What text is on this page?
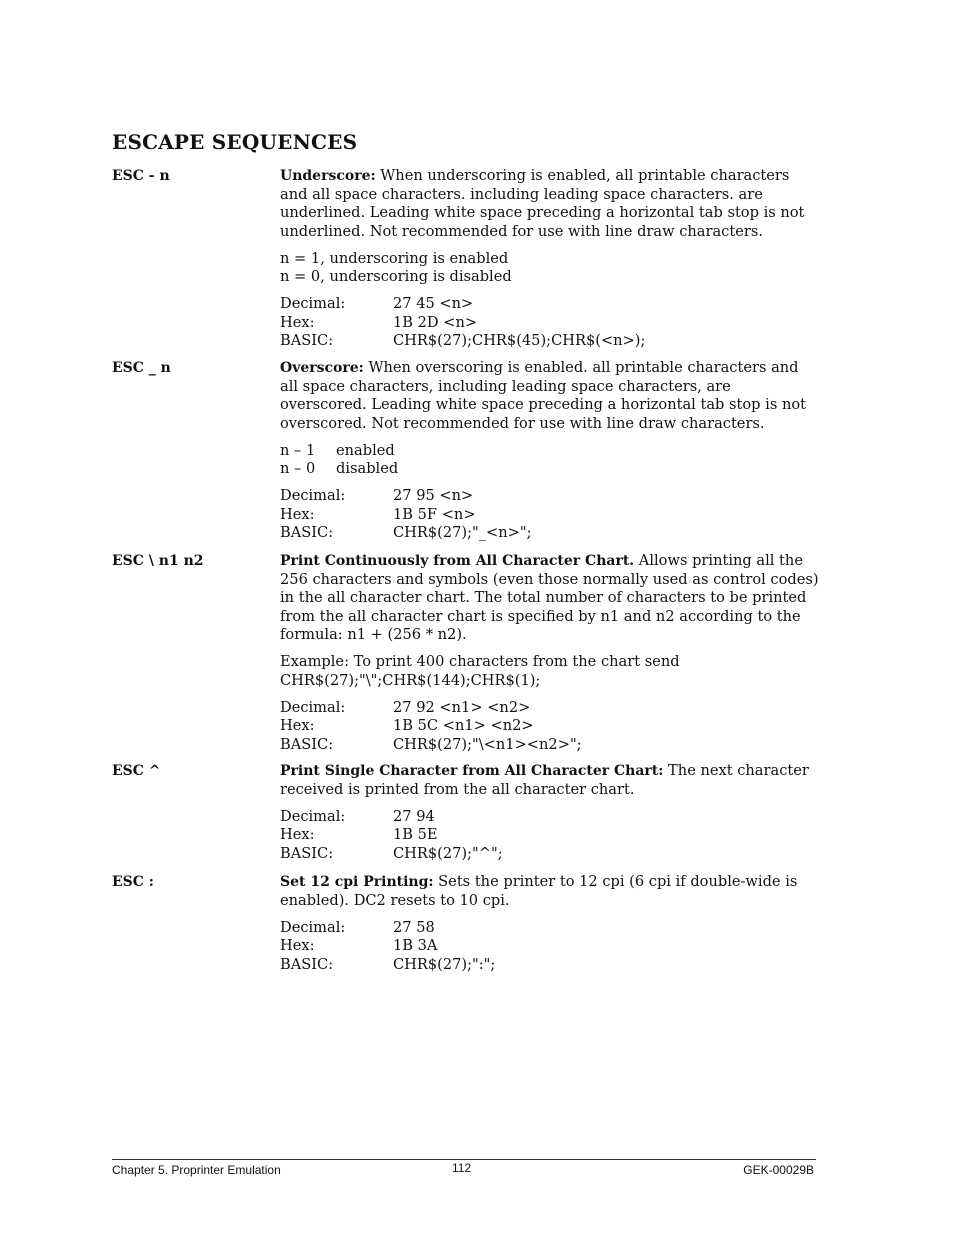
ESCAPE SEQUENCES
ESC - n	Underscore: When underscoring is enabled, all printable characters and all space characters. including leading space characters. are underlined. Leading white space preceding a horizontal tab stop is not underlined. Not recommended for use with line draw characters.

n = 1, underscoring is enabled
n = 0, underscoring is disabled

Decimal:	27 45 <n>
Hex:	1B 2D <n>
BASIC:	CHR$(27);CHR$(45);CHR$(<n>);
ESC _ n	Overscore: When overscoring is enabled. all printable characters and all space characters, including leading space characters, are overscored. Leading white space preceding a horizontal tab stop is not overscored. Not recommended for use with line draw characters.

n – 1	enabled
n – 0	disabled
Decimal:	27 95 <n>
Hex:	1B 5F <n>
BASIC:	CHR$(27);"_<n>";
ESC \ n1 n2	Print Continuously from All Character Chart. Allows printing all the 256 characters and symbols (even those normally used as control codes) in the all character chart. The total number of characters to be printed from the all character chart is specified by n1 and n2 according to the formula: n1 + (256 * n2).

Example: To print 400 characters from the chart send CHR$(27);"\";CHR$(144);CHR$(1);

Decimal:	27 92 <n1> <n2>
Hex:	1B 5C <n1> <n2>
BASIC:	CHR$(27);"\<n1><n2>";
ESC ^	Print Single Character from All Character Chart: The next character received is printed from the all character chart.

Decimal:	27 94
Hex:	1B 5E
BASIC:	CHR$(27);"^";
ESC :	Set 12 cpi Printing: Sets the printer to 12 cpi (6 cpi if double-wide is enabled). DC2 resets to 10 cpi.

Decimal:	27 58
Hex:	1B 3A
BASIC:	CHR$(27);":";
Chapter 5. Proprinter Emulation	112	GEK-00029B
